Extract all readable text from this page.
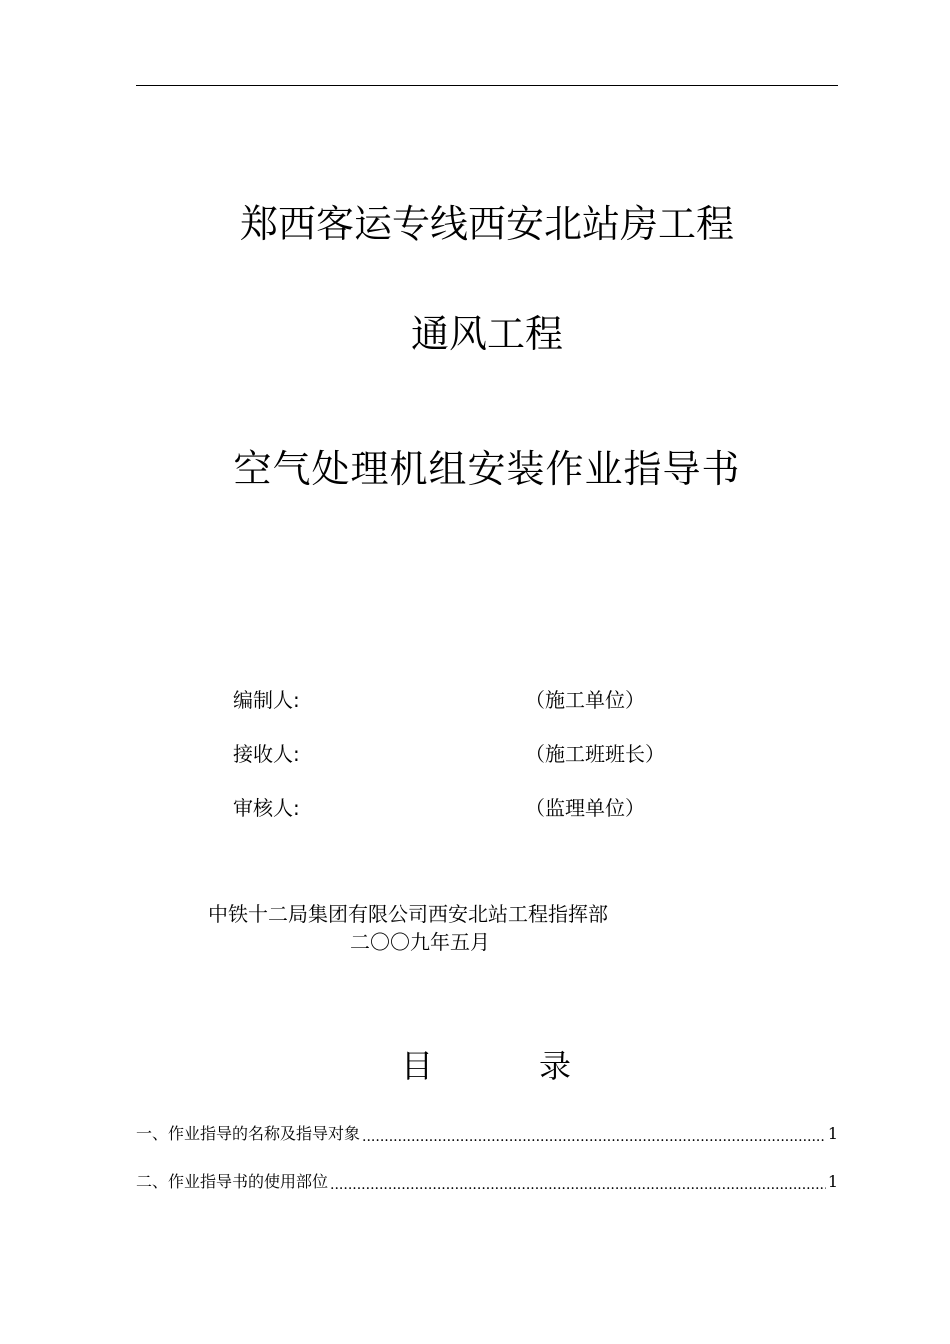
郑西客运专线西安北站房工程
通风工程
空气处理机组安装作业指导书
编制人:	（施工单位）
接收人:	（施工班班长）
审核人:	（监理单位）
中铁十二局集团有限公司西安北站工程指挥部
二〇〇九年五月
目	录
一、作业指导的名称及指导对象 .....	1
二、作业指导书的使用部位 .....	1
